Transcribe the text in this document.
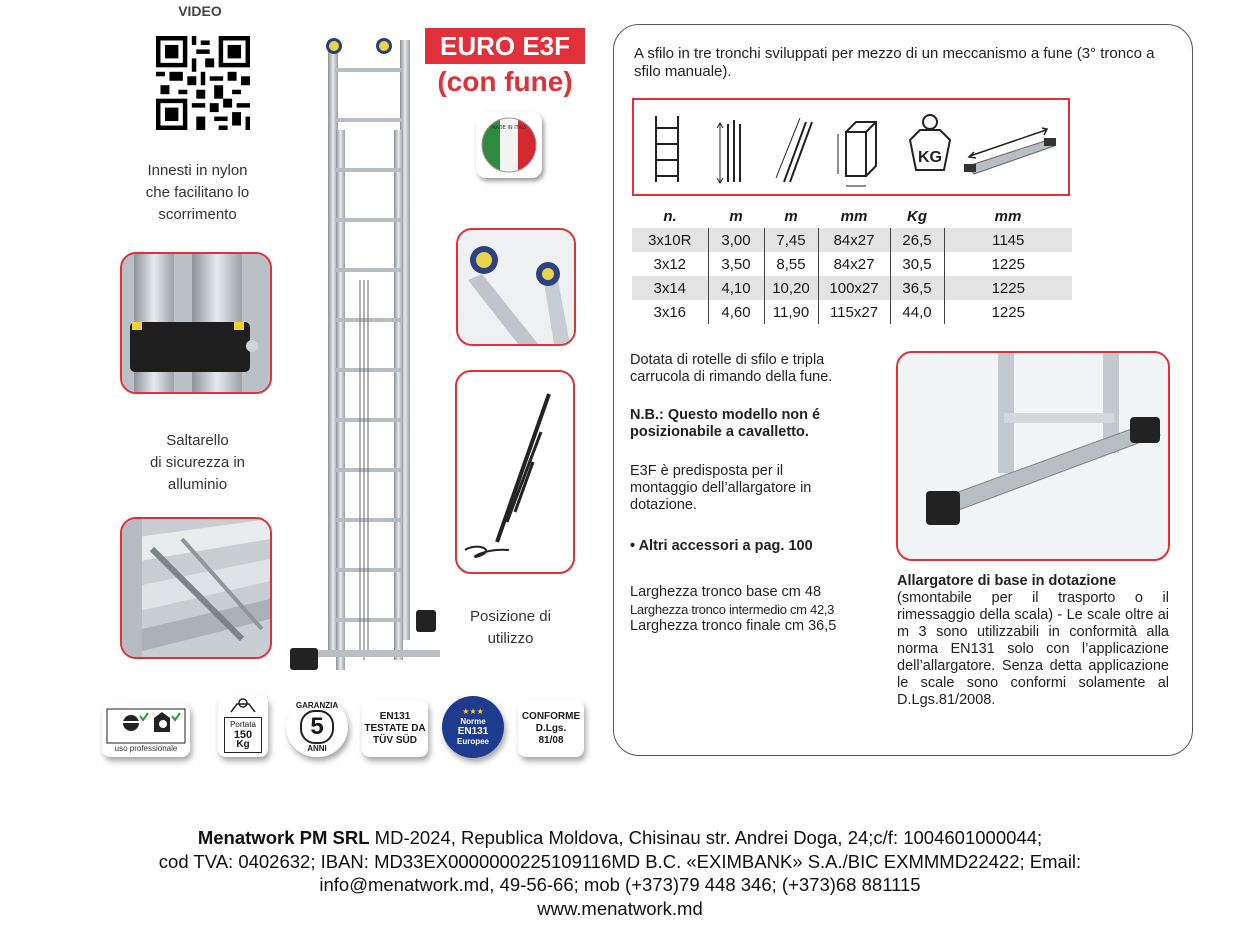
VIDEO
Innesti in nylon
che facilitano lo
scorrimento
Saltarello
di sicurezza in
alluminio
EURO E3F
(con fune)
MADE IN ITALY
Posizione di
utilizzo
uso professionale
Portata
150
Kg
GARANZIA
5
ANNI
EN131
TESTATE DA
TÜV SÜD
★★★
Norme
EN131
Europee
CONFORME
D.Lgs.
81/08
A sfilo in tre tronchi sviluppati per mezzo di un meccanismo a fune (3° tronco a sfilo manuale).
KG
n.	m	m	mm	Kg	mm
3x10R	3,00	7,45	84x27	26,5	1145
3x12	3,50	8,55	84x27	30,5	1225
3x14	4,10	10,20	100x27	36,5	1225
3x16	4,60	11,90	115x27	44,0	1225
Dotata di rotelle di sfilo e tripla carrucola di rimando della fune.
N.B.: Questo modello non é posizionabile a cavalletto.
E3F è predisposta per il montaggio dell’allargatore in dotazione.
• Altri accessori a pag. 100
Larghezza tronco base cm 48
Larghezza tronco intermedio cm 42,3
Larghezza tronco finale cm 36,5
Allargatore di base in dotazione
(smontabile per il trasporto o il rimessaggio della scala) - Le scale oltre ai m 3 sono utilizzabili in conformità alla norma EN131 solo con l’applicazione dell’allargatore. Senza detta applicazione le scale sono conformi solamente al D.Lgs.81/2008.
Menatwork PM SRL MD-2024, Republica Moldova, Chisinau str. Andrei Doga, 24;c/f: 1004601000044;
cod TVA: 0402632; IBAN: MD33EX0000000225109116MD B.C. «EXIMBANK» S.A./BIC EXMMMD22422; Email:
info@menatwork.md, 49-56-66; mob (+373)79 448 346; (+373)68 881115
www.menatwork.md
